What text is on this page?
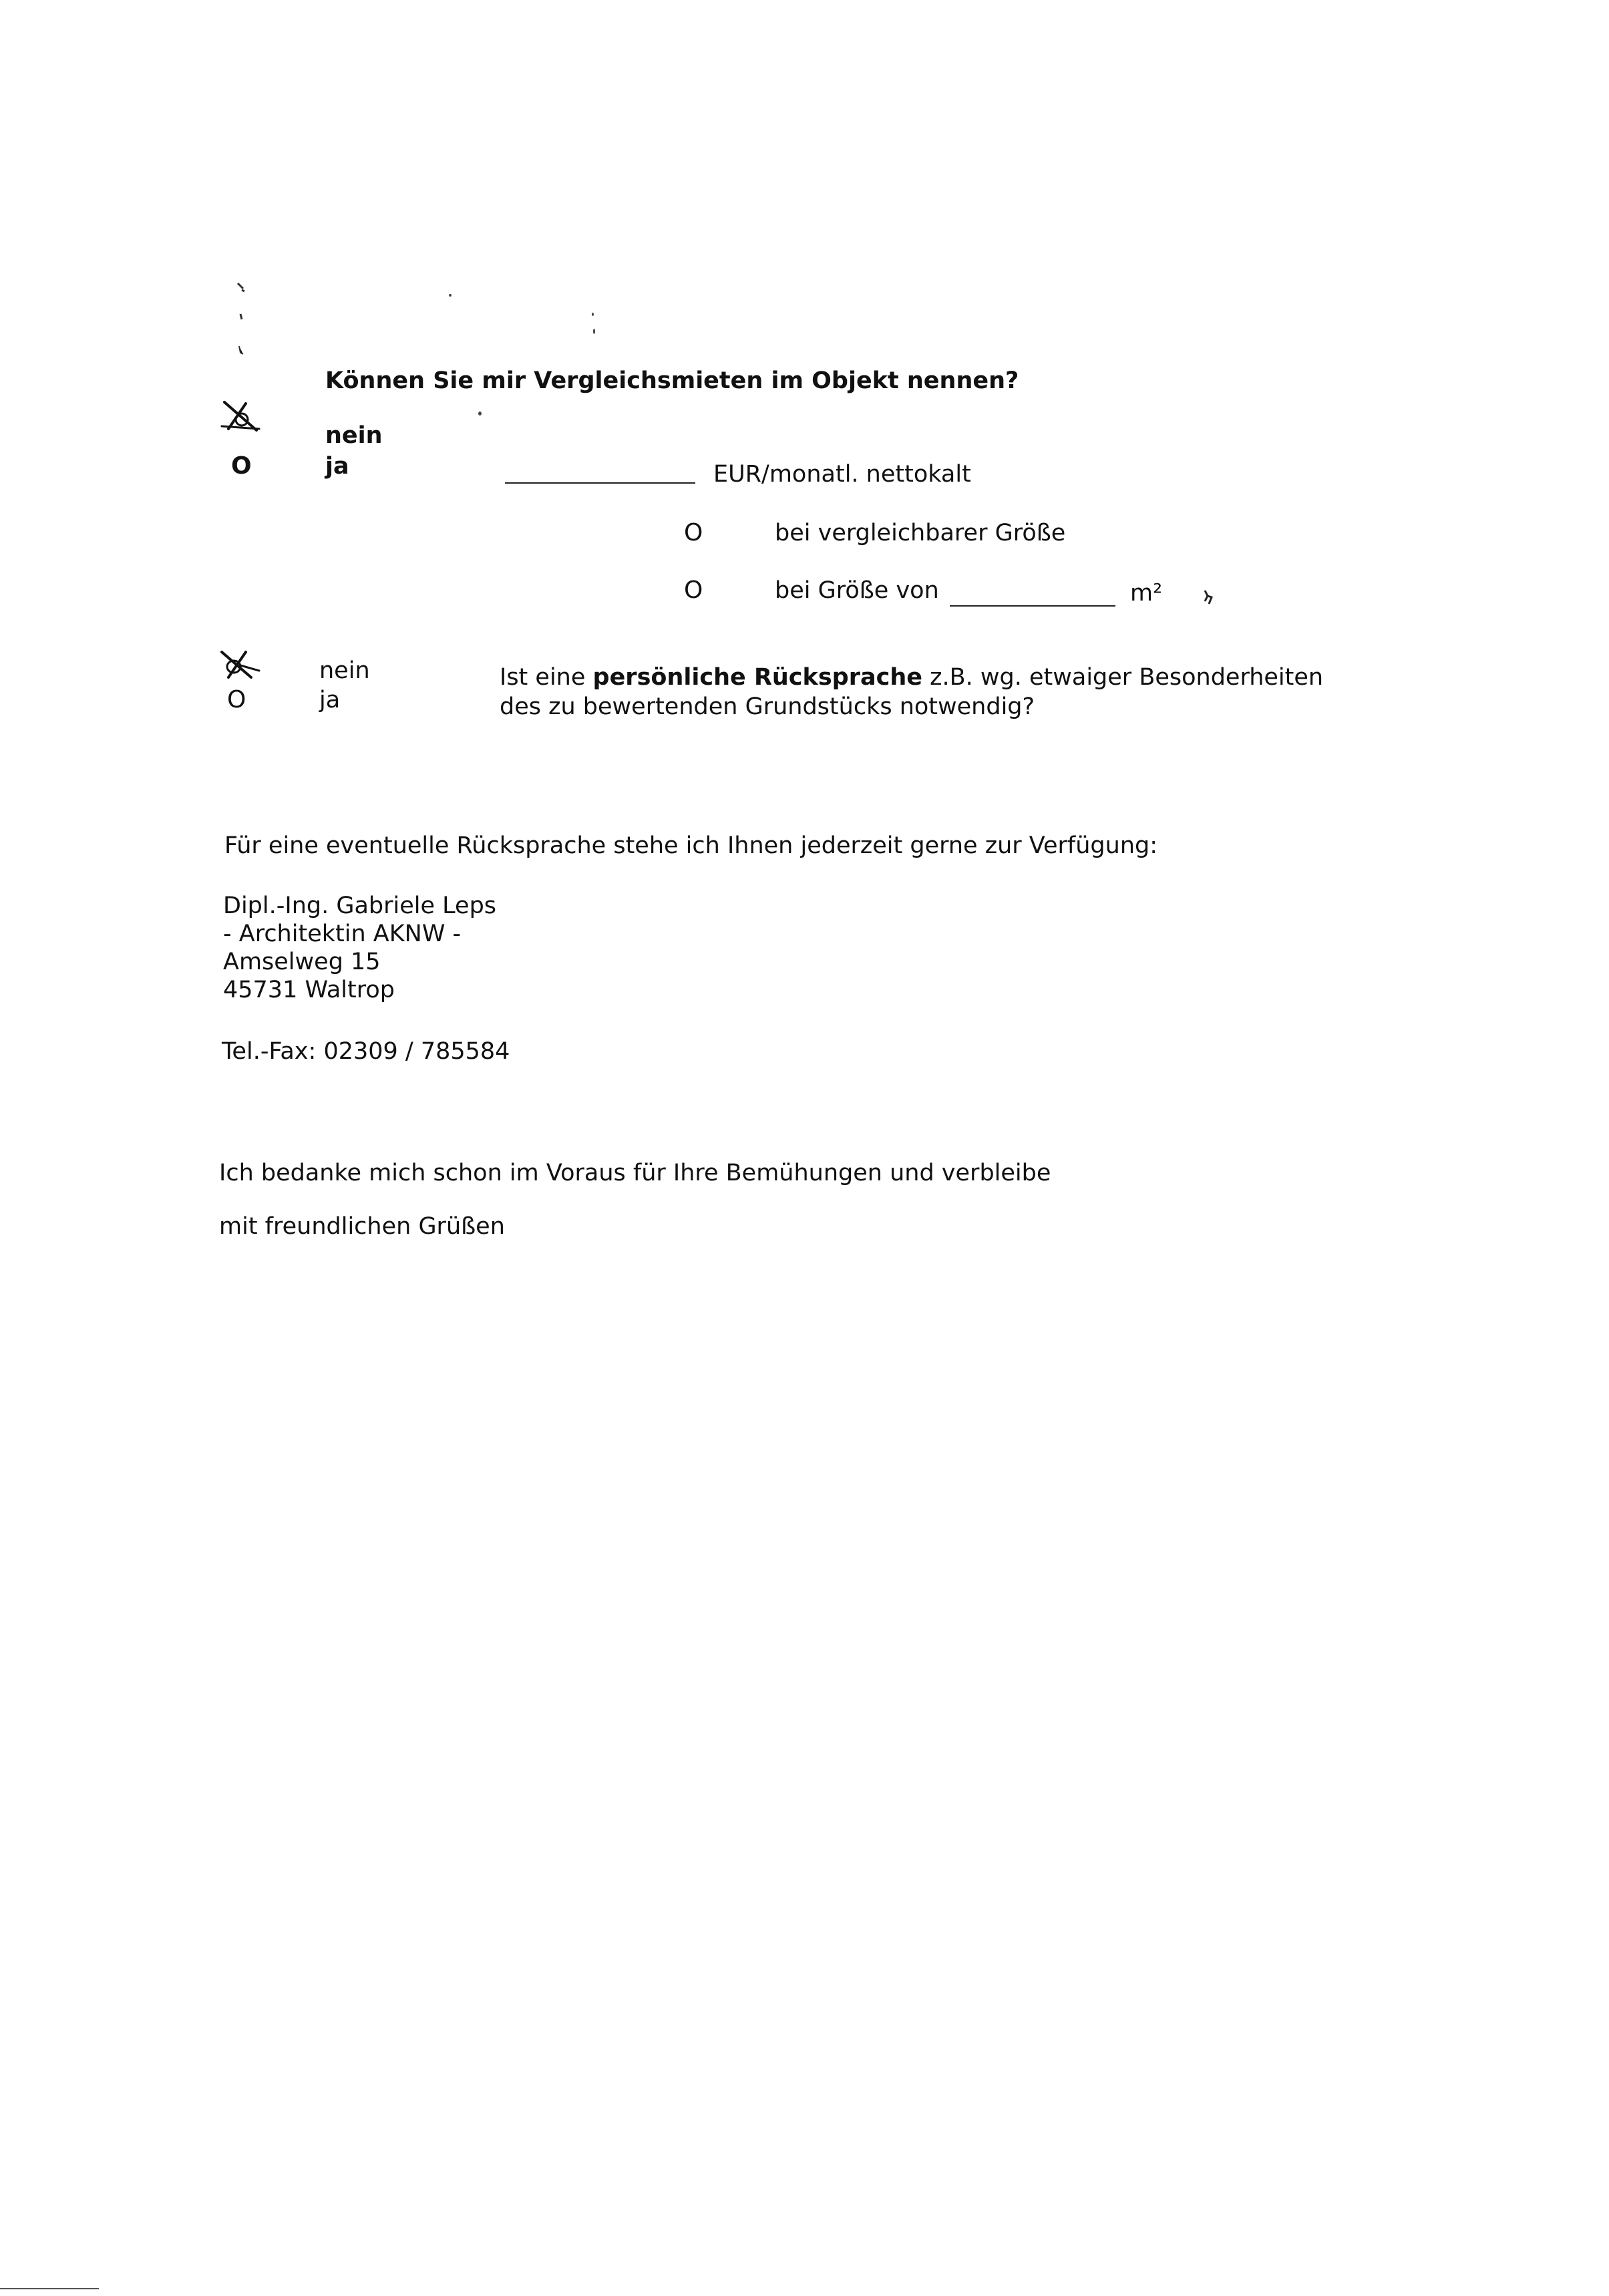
Können Sie mir Vergleichsmieten im Objekt nennen?
nein
O	ja	EUR/monatl. nettokalt
O	bei vergleichbarer Größe
O	bei Größe von	m²
nein
O	ja
Ist eine persönliche Rücksprache z.B. wg. etwaiger Besonderheiten
des zu bewertenden Grundstücks notwendig?
Für eine eventuelle Rücksprache stehe ich Ihnen jederzeit gerne zur Verfügung:
Dipl.-Ing. Gabriele Leps
- Architektin AKNW -
Amselweg 15
45731 Waltrop
Tel.-Fax: 02309 / 785584
Ich bedanke mich schon im Voraus für Ihre Bemühungen und verbleibe
mit freundlichen Grüßen
